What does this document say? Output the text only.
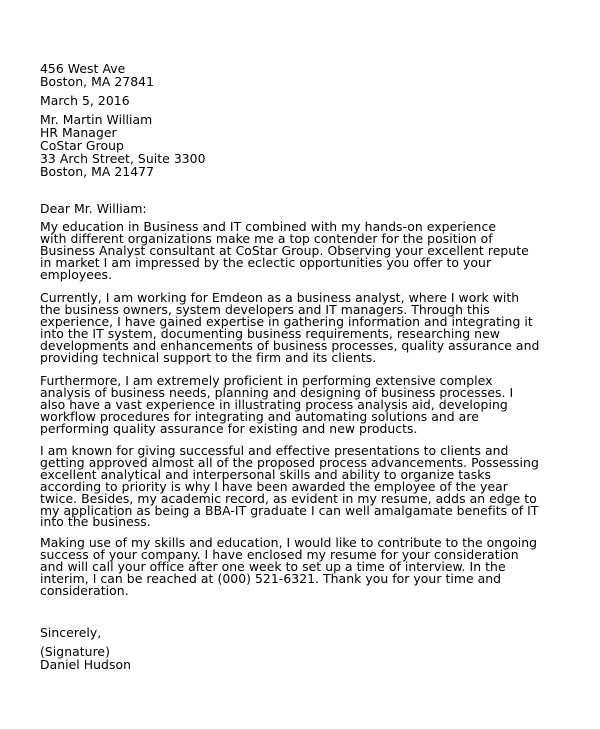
456 West Ave
Boston, MA 27841
March 5, 2016
Mr. Martin William
HR Manager
CoStar Group
33 Arch Street, Suite 3300
Boston, MA 21477
Dear Mr. William:
My education in Business and IT combined with my hands-on experience
with different organizations make me a top contender for the position of
Business Analyst consultant at CoStar Group. Observing your excellent repute
in market I am impressed by the eclectic opportunities you offer to your
employees.
Currently, I am working for Emdeon as a business analyst, where I work with
the business owners, system developers and IT managers. Through this
experience, I have gained expertise in gathering information and integrating it
into the IT system, documenting business requirements, researching new
developments and enhancements of business processes, quality assurance and
providing technical support to the firm and its clients.
Furthermore, I am extremely proficient in performing extensive complex
analysis of business needs, planning and designing of business processes. I
also have a vast experience in illustrating process analysis aid, developing
workflow procedures for integrating and automating solutions and are
performing quality assurance for existing and new products.
I am known for giving successful and effective presentations to clients and
getting approved almost all of the proposed process advancements. Possessing
excellent analytical and interpersonal skills and ability to organize tasks
according to priority is why I have been awarded the employee of the year
twice. Besides, my academic record, as evident in my resume, adds an edge to
my application as being a BBA-IT graduate I can well amalgamate benefits of IT
into the business.
Making use of my skills and education, I would like to contribute to the ongoing
success of your company. I have enclosed my resume for your consideration
and will call your office after one week to set up a time of interview. In the
interim, I can be reached at (000) 521-6321. Thank you for your time and
consideration.
Sincerely,
(Signature)
Daniel Hudson
